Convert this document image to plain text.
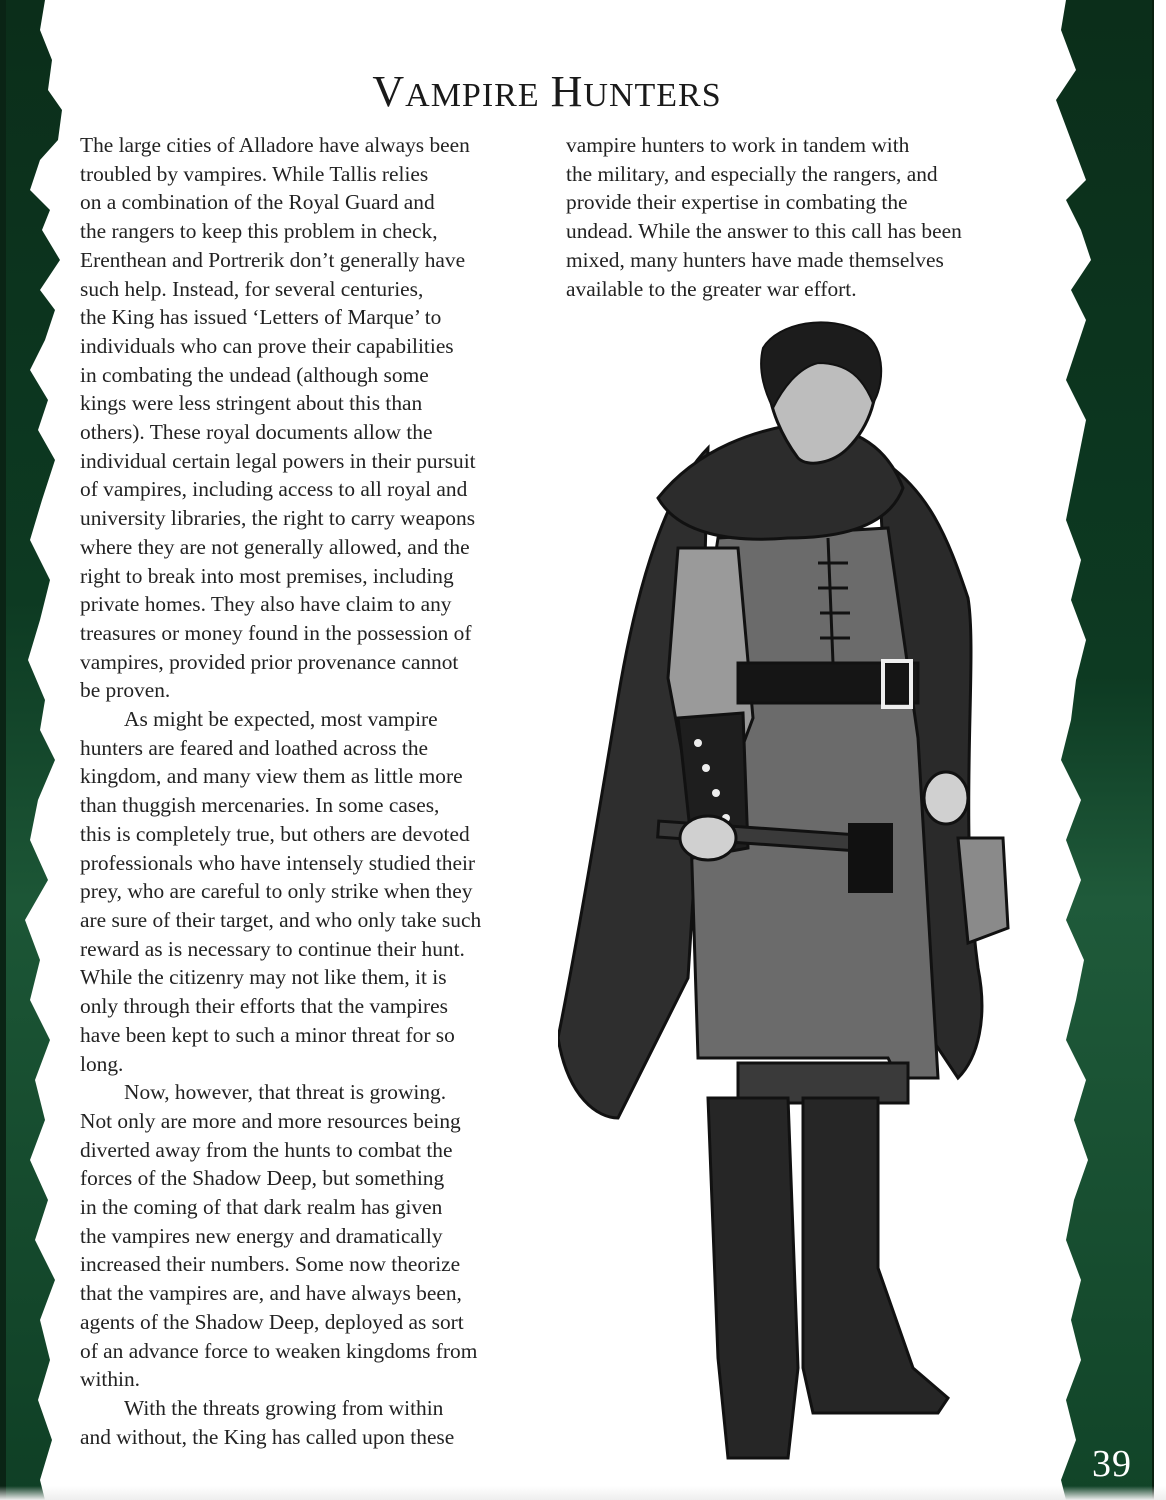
VAMPIRE HUNTERS
The large cities of Alladore have always been
troubled by vampires. While Tallis relies
on a combination of the Royal Guard and
the rangers to keep this problem in check,
Erenthean and Portrerik don’t generally have
such help. Instead, for several centuries,
the King has issued ‘Letters of Marque’ to
individuals who can prove their capabilities
in combating the undead (although some
kings were less stringent about this than
others). These royal documents allow the
individual certain legal powers in their pursuit
of vampires, including access to all royal and
university libraries, the right to carry weapons
where they are not generally allowed, and the
right to break into most premises, including
private homes. They also have claim to any
treasures or money found in the possession of
vampires, provided prior provenance cannot
be proven.
As might be expected, most vampire
hunters are feared and loathed across the
kingdom, and many view them as little more
than thuggish mercenaries. In some cases,
this is completely true, but others are devoted
professionals who have intensely studied their
prey, who are careful to only strike when they
are sure of their target, and who only take such
reward as is necessary to continue their hunt.
While the citizenry may not like them, it is
only through their efforts that the vampires
have been kept to such a minor threat for so
long.
Now, however, that threat is growing.
Not only are more and more resources being
diverted away from the hunts to combat the
forces of the Shadow Deep, but something
in the coming of that dark realm has given
the vampires new energy and dramatically
increased their numbers. Some now theorize
that the vampires are, and have always been,
agents of the Shadow Deep, deployed as sort
of an advance force to weaken kingdoms from
within.
With the threats growing from within
and without, the King has called upon these
vampire hunters to work in tandem with
the military, and especially the rangers, and
provide their expertise in combating the
undead. While the answer to this call has been
mixed, many hunters have made themselves
available to the greater war effort.
39
